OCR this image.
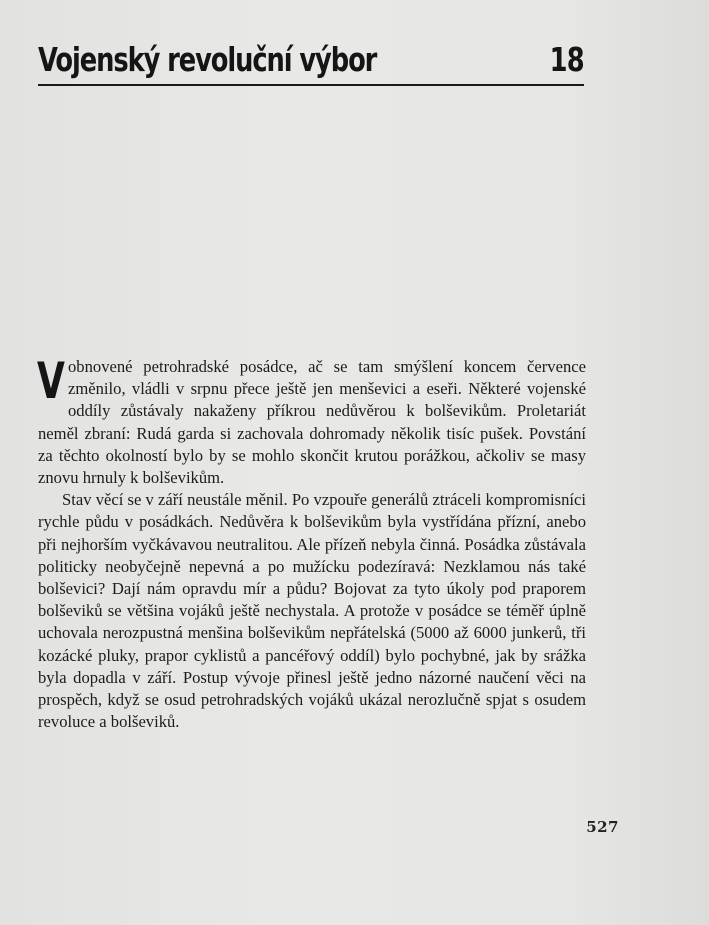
Vojenský revoluční výbor	18

Vobnovené petrohradské posádce, ač se tam smýšlení koncem července změnilo, vládli v srpnu přece ještě jen menševici a eseři. Některé vojenské oddíly zůstávaly nakaženy příkrou nedůvěrou k bolševikům. Proletariát neměl zbraní: Rudá garda si zachovala dohromady několik tisíc pušek. Povstání za těchto okolností bylo by se mohlo skončit krutou porážkou, ačkoliv se masy znovu hrnuly k bolševikům.

Stav věcí se v září neustále měnil. Po vzpouře generálů ztráceli kompromisníci rychle půdu v posádkách. Nedůvěra k bolševikům byla vystřídána přízní, anebo při nejhorším vyčkávavou neutralitou. Ale přízeň nebyla činná. Posádka zůstávala politicky neobyčejně nepevná a po mužícku podezíravá: Nezklamou nás také bolševici? Dají nám opravdu mír a půdu? Bojovat za tyto úkoly pod praporem bolševiků se většina vojáků ještě nechystala. A protože v posádce se téměř úplně uchovala nerozpustná menšina bolševikům nepřátelská (5000 až 6000 junkerů, tři kozácké pluky, prapor cyklistů a pancéřový oddíl) bylo pochybné, jak by srážka byla dopadla v září. Postup vývoje přinesl ještě jedno názorné naučení věci na prospěch, když se osud petrohradských vojáků ukázal nerozlučně spjat s osudem revoluce a bolševiků.

527
